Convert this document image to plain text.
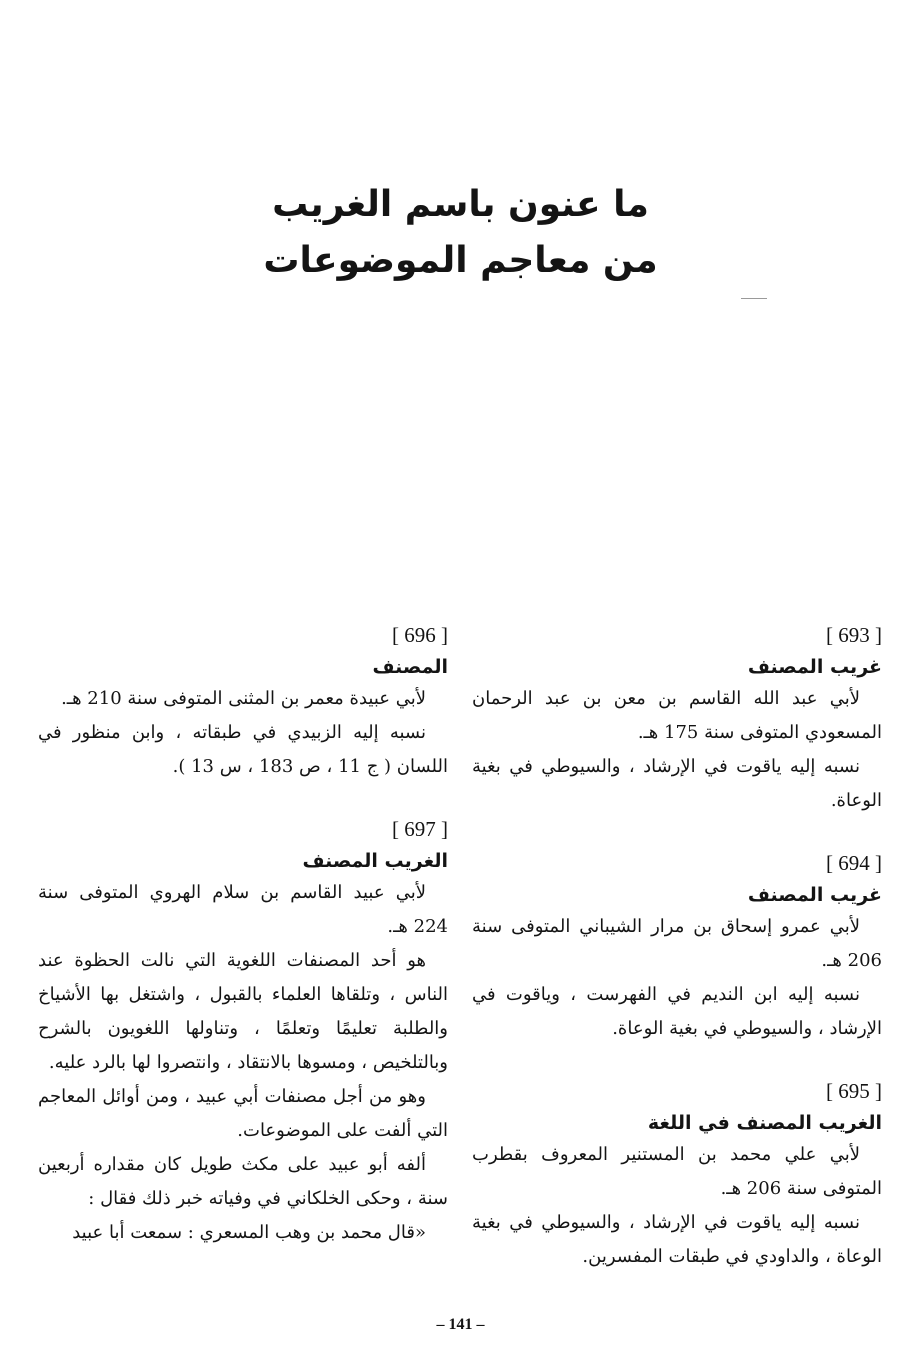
ما عنون باسم الغريب
من معاجم الموضوعات
[ 693 ]
غريب المصنف

لأبي عبد الله القاسم بن معن بن عبد الرحمان المسعودي المتوفى سنة 175 هـ.

نسبه إليه ياقوت في الإرشاد ، والسيوطي في بغية الوعاة.

[ 694 ]
غريب المصنف

لأبي عمرو إسحاق بن مرار الشيباني المتوفى سنة 206 هـ.

نسبه إليه ابن النديم في الفهرست ، وياقوت في الإرشاد ، والسيوطي في بغية الوعاة.

[ 695 ]
الغريب المصنف في اللغة

لأبي علي محمد بن المستنير المعروف بقطرب المتوفى سنة 206 هـ.

نسبه إليه ياقوت في الإرشاد ، والسيوطي في بغية الوعاة ، والداودي في طبقات المفسرين.

[ 696 ]
المصنف

لأبي عبيدة معمر بن المثنى المتوفى سنة 210 هـ.

نسبه إليه الزبيدي في طبقاته ، وابن منظور في اللسان ( ج 11 ، ص 183 ، س 13 ).

[ 697 ]
الغريب المصنف

لأبي عبيد القاسم بن سلام الهروي المتوفى سنة 224 هـ.

هو أحد المصنفات اللغوية التي نالت الحظوة عند الناس ، وتلقاها العلماء بالقبول ، واشتغل بها الأشياخ والطلبة تعليمًا وتعلمًا ، وتناولها اللغويون بالشرح وبالتلخيص ، ومسوها بالانتقاد ، وانتصروا لها بالرد عليه.

وهو من أجل مصنفات أبي عبيد ، ومن أوائل المعاجم التي ألفت على الموضوعات.

ألفه أبو عبيد على مكث طويل كان مقداره أربعين سنة ، وحكى الخلكاني في وفياته خبر ذلك فقال :

«قال محمد بن وهب المسعري : سمعت أبا عبيد

– 141 –
